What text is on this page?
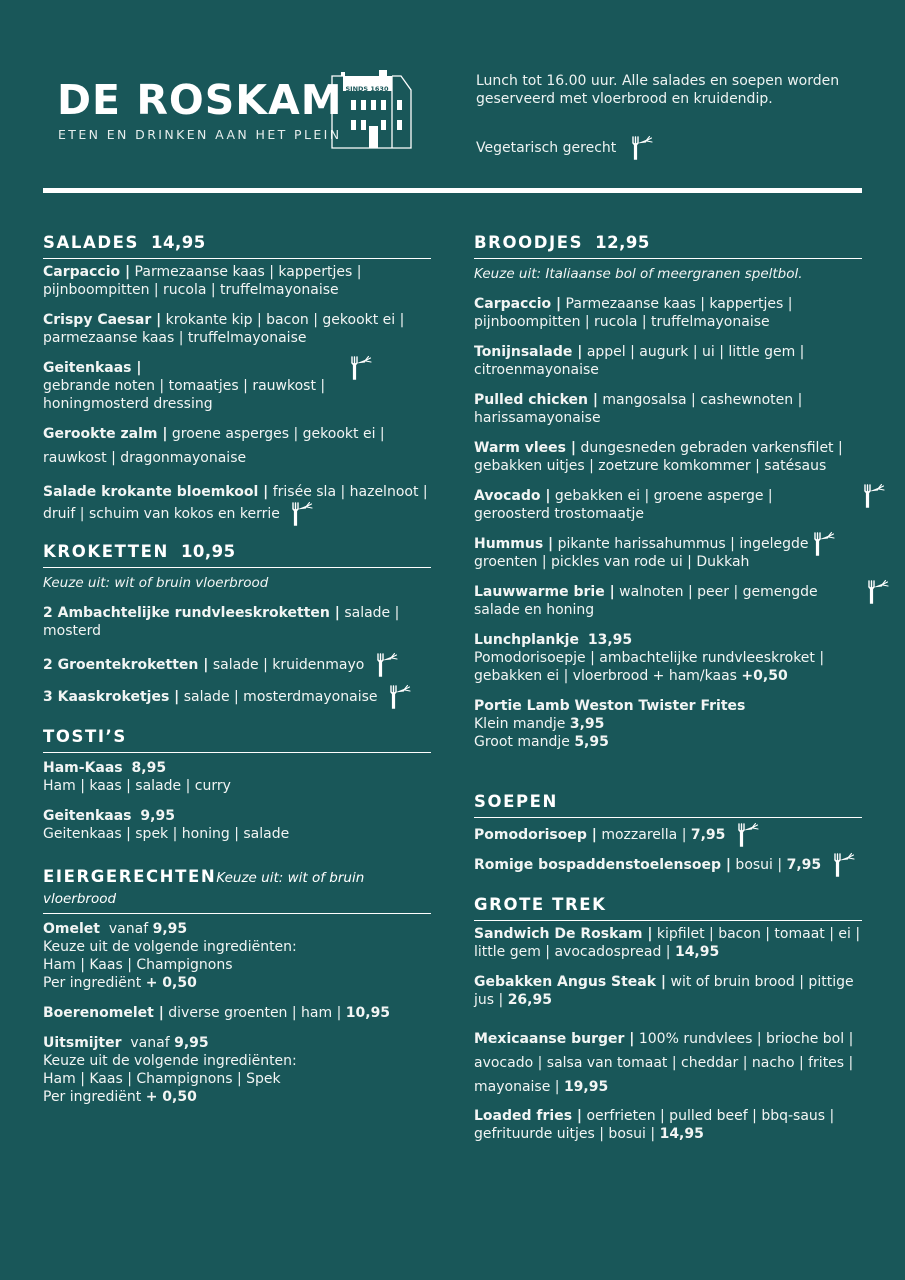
DE ROSKAM
ETEN EN DRINKEN AAN HET PLEIN
SINDS 1630	Lunch tot 16.00 uur. Alle salades en soepen worden geserveerd met vloerbrood en kruidendip.
Vegetarisch gerecht
SALADES 14,95
Carpaccio | Parmezaanse kaas | kappertjes | pijnboompitten | rucola | truffelmayonaise
Crispy Caesar | krokante kip | bacon | gekookt ei | parmezaanse kaas | truffelmayonaise
Geitenkaas |gebrande noten | tomaatjes | rauwkost | honingmosterd dressing
Gerookte zalm | groene asperges | gekookt ei |
rauwkost | dragonmayonaise
Salade krokante bloemkool | frisée sla | hazelnoot | druif | schuim van kokos en kerrie
KROKETTEN 10,95
Keuze uit: wit of bruin vloerbrood
2 Ambachtelijke rundvleeskroketten | salade | mosterd
2 Groentekroketten | salade | kruidenmayo
3 Kaaskroketjes | salade | mosterdmayonaise
TOSTI’S
Ham-Kaas 8,95
Ham | kaas | salade | curry
Geitenkaas 9,95
Geitenkaas | spek | honing | salade
EIERGERECHTENKeuze uit: wit of bruin vloerbrood
Omelet vanaf 9,95
Keuze uit de volgende ingrediënten:
Ham | Kaas | Champignons
Per ingrediënt + 0,50
Boerenomelet | diverse groenten | ham | 10,95
Uitsmijter vanaf 9,95
Keuze uit de volgende ingrediënten:
Ham | Kaas | Champignons | Spek
Per ingrediënt + 0,50
BROODJES 12,95
Keuze uit: Italiaanse bol of meergranen speltbol.
Carpaccio | Parmezaanse kaas | kappertjes | pijnboompitten | rucola | truffelmayonaise
Tonijnsalade | appel | augurk | ui | little gem | citroenmayonaise
Pulled chicken | mangosalsa | cashewnoten | harissamayonaise
Warm vlees | dungesneden gebraden varkensfilet | gebakken uitjes | zoetzure komkommer | satésaus
Avocado | gebakken ei | groene asperge | geroosterd trostomaatje
Hummus | pikante harissahummus | ingelegde groenten | pickles van rode ui | Dukkah
Lauwwarme brie | walnoten | peer | gemengde salade en honing
Lunchplankje 13,95
Pomodorisoepje | ambachtelijke rundvleeskroket | gebakken ei | vloerbrood + ham/kaas +0,50
Portie Lamb Weston Twister Frites
Klein mandje 3,95
Groot mandje 5,95
SOEPEN
Pomodorisoep | mozzarella | 7,95
Romige bospaddenstoelensoep | bosui | 7,95
GROTE TREK
Sandwich De Roskam | kipfilet | bacon | tomaat | ei | little gem | avocadospread | 14,95
Gebakken Angus Steak | wit of bruin brood | pittige jus | 26,95
Mexicaanse burger | 100% rundvlees | brioche bol |
avocado | salsa van tomaat | cheddar | nacho | frites |
mayonaise | 19,95
Loaded fries | oerfrieten | pulled beef | bbq-saus | gefrituurde uitjes | bosui | 14,95
